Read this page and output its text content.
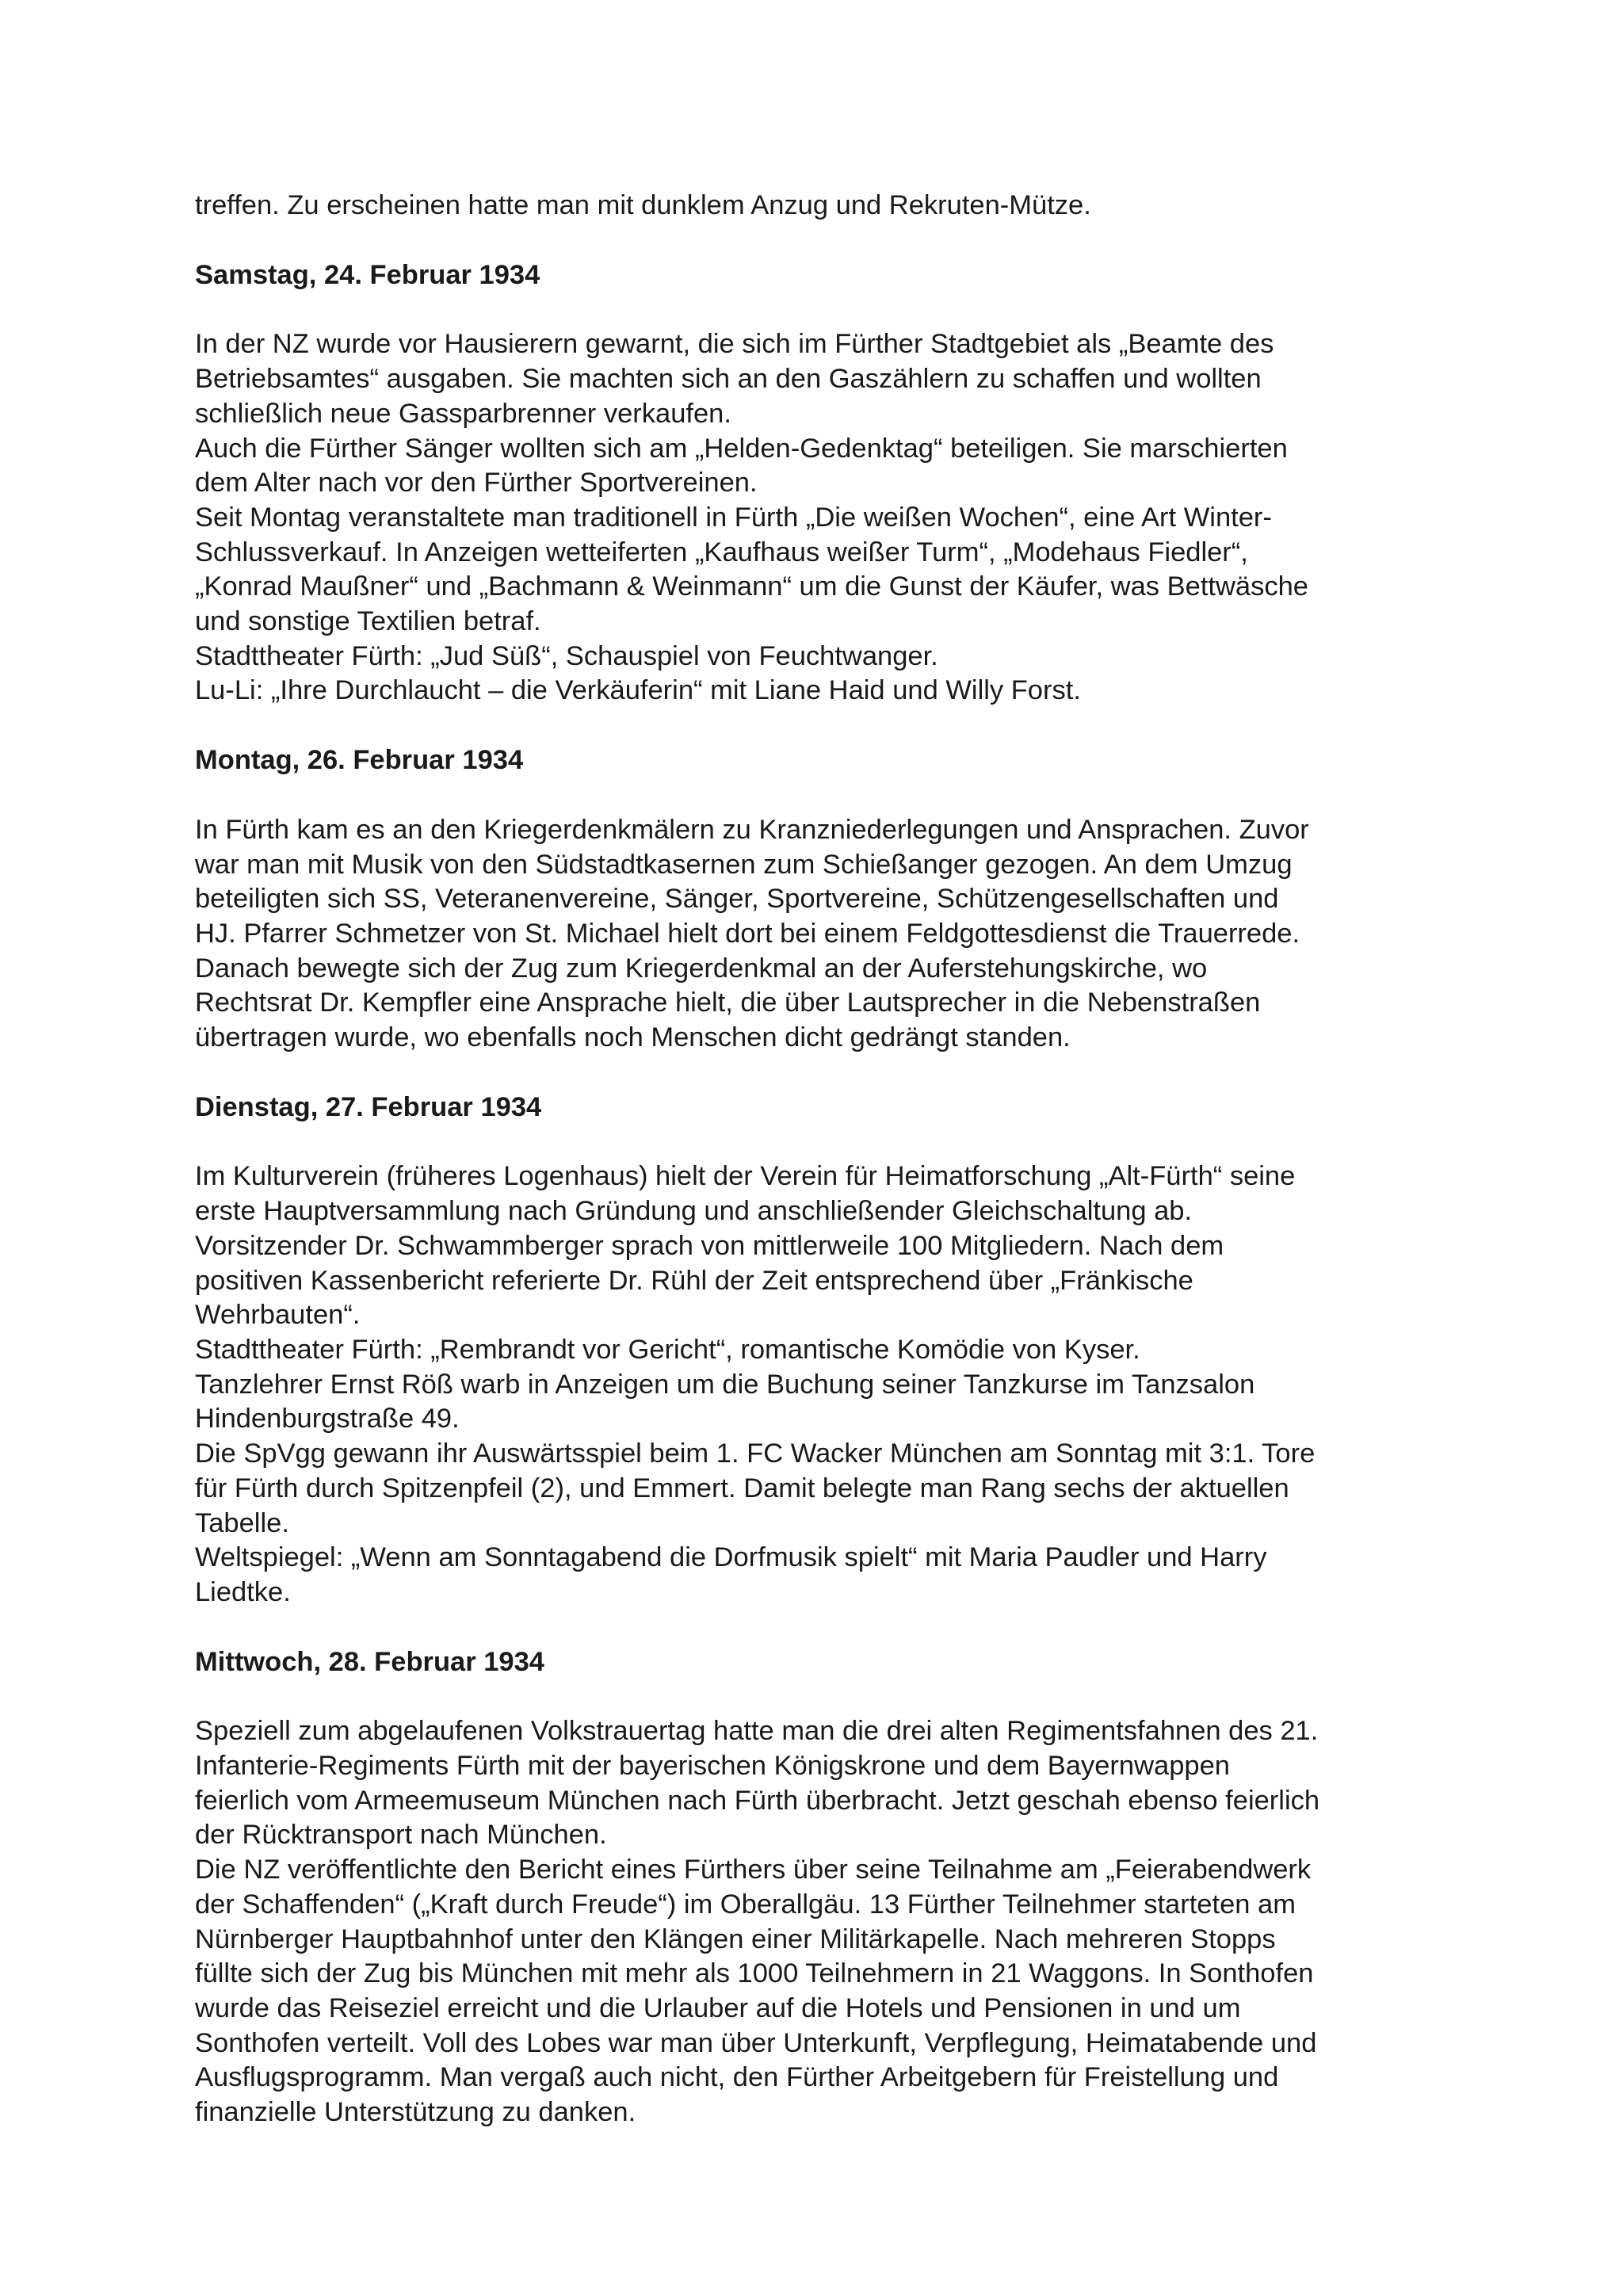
treffen. Zu erscheinen hatte man mit dunklem Anzug und Rekruten-Mütze.

Samstag, 24. Februar 1934

In der NZ wurde vor Hausierern gewarnt, die sich im Fürther Stadtgebiet als „Beamte des
Betriebsamtes“ ausgaben. Sie machten sich an den Gaszählern zu schaffen und wollten
schließlich neue Gassparbrenner verkaufen.

Auch die Fürther Sänger wollten sich am „Helden-Gedenktag“ beteiligen. Sie marschierten
dem Alter nach vor den Fürther Sportvereinen.

Seit Montag veranstaltete man traditionell in Fürth „Die weißen Wochen“, eine Art Winter-
Schlussverkauf. In Anzeigen wetteiferten „Kaufhaus weißer Turm“, „Modehaus Fiedler“,
„Konrad Maußner“ und „Bachmann & Weinmann“ um die Gunst der Käufer, was Bettwäsche
und sonstige Textilien betraf.

Stadttheater Fürth: „Jud Süß“, Schauspiel von Feuchtwanger.

Lu-Li: „Ihre Durchlaucht – die Verkäuferin“ mit Liane Haid und Willy Forst.

Montag, 26. Februar 1934

In Fürth kam es an den Kriegerdenkmälern zu Kranzniederlegungen und Ansprachen. Zuvor
war man mit Musik von den Südstadtkasernen zum Schießanger gezogen. An dem Umzug
beteiligten sich SS, Veteranenvereine, Sänger, Sportvereine, Schützengesellschaften und
HJ. Pfarrer Schmetzer von St. Michael hielt dort bei einem Feldgottesdienst die Trauerrede.
Danach bewegte sich der Zug zum Kriegerdenkmal an der Auferstehungskirche, wo
Rechtsrat Dr. Kempfler eine Ansprache hielt, die über Lautsprecher in die Nebenstraßen
übertragen wurde, wo ebenfalls noch Menschen dicht gedrängt standen.

Dienstag, 27. Februar 1934

Im Kulturverein (früheres Logenhaus) hielt der Verein für Heimatforschung „Alt-Fürth“ seine
erste Hauptversammlung nach Gründung und anschließender Gleichschaltung ab.
Vorsitzender Dr. Schwammberger sprach von mittlerweile 100 Mitgliedern. Nach dem
positiven Kassenbericht referierte Dr. Rühl der Zeit entsprechend über „Fränkische
Wehrbauten“.

Stadttheater Fürth: „Rembrandt vor Gericht“, romantische Komödie von Kyser.

Tanzlehrer Ernst Röß warb in Anzeigen um die Buchung seiner Tanzkurse im Tanzsalon
Hindenburgstraße 49.

Die SpVgg gewann ihr Auswärtsspiel beim 1. FC Wacker München am Sonntag mit 3:1. Tore
für Fürth durch Spitzenpfeil (2), und Emmert. Damit belegte man Rang sechs der aktuellen
Tabelle.

Weltspiegel: „Wenn am Sonntagabend die Dorfmusik spielt“ mit Maria Paudler und Harry
Liedtke.

Mittwoch, 28. Februar 1934

Speziell zum abgelaufenen Volkstrauertag hatte man die drei alten Regimentsfahnen des 21.
Infanterie-Regiments Fürth mit der bayerischen Königskrone und dem Bayernwappen
feierlich vom Armeemuseum München nach Fürth überbracht. Jetzt geschah ebenso feierlich
der Rücktransport nach München.

Die NZ veröffentlichte den Bericht eines Fürthers über seine Teilnahme am „Feierabendwerk
der Schaffenden“ („Kraft durch Freude“) im Oberallgäu. 13 Fürther Teilnehmer starteten am
Nürnberger Hauptbahnhof unter den Klängen einer Militärkapelle. Nach mehreren Stopps
füllte sich der Zug bis München mit mehr als 1000 Teilnehmern in 21 Waggons. In Sonthofen
wurde das Reiseziel erreicht und die Urlauber auf die Hotels und Pensionen in und um
Sonthofen verteilt. Voll des Lobes war man über Unterkunft, Verpflegung, Heimatabende und
Ausflugsprogramm. Man vergaß auch nicht, den Fürther Arbeitgebern für Freistellung und
finanzielle Unterstützung zu danken.
